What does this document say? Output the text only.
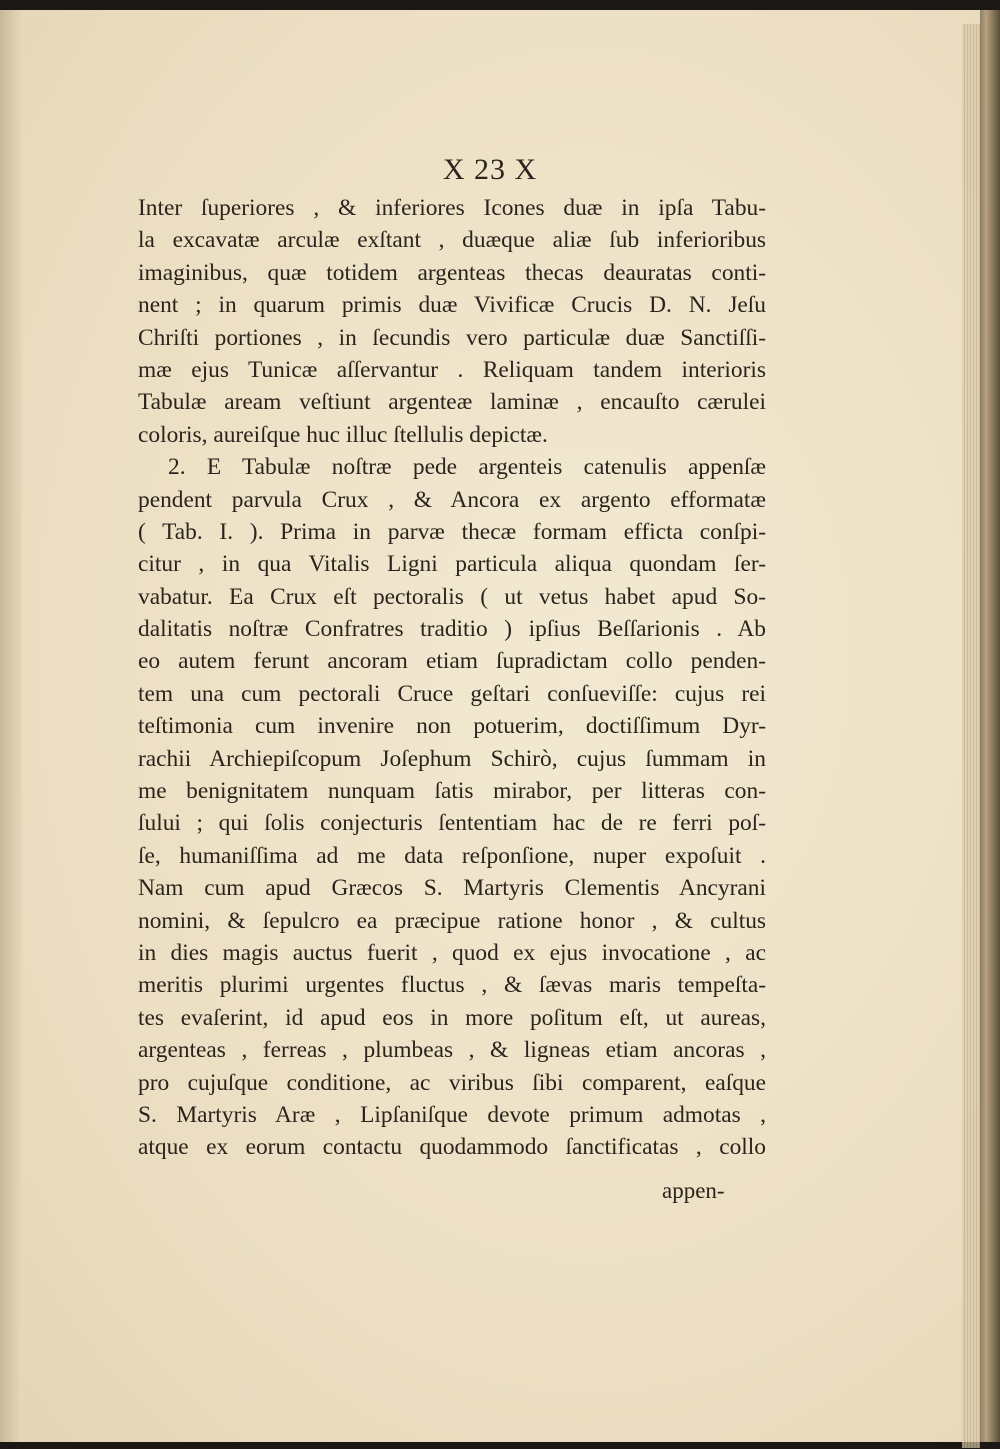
X 23 X
Inter ſuperiores , & inferiores Icones duæ in ipſa Tabu-
la excavatæ arculæ exſtant , duæque aliæ ſub inferioribus
imaginibus, quæ totidem argenteas thecas deauratas conti-
nent ; in quarum primis duæ Vivificæ Crucis D. N. Jeſu
Chriſti portiones , in ſecundis vero particulæ duæ Sanctiſſi-
mæ ejus Tunicæ aſſervantur . Reliquam tandem interioris
Tabulæ aream veſtiunt argenteæ laminæ , encauſto cærulei
coloris, aureiſque huc illuc ſtellulis depictæ.
2. E Tabulæ noſtræ pede argenteis catenulis appenſæ
pendent parvula Crux , & Ancora ex argento efformatæ
( Tab. I. ). Prima in parvæ thecæ formam efficta conſpi-
citur , in qua Vitalis Ligni particula aliqua quondam ſer-
vabatur. Ea Crux eſt pectoralis ( ut vetus habet apud So-
dalitatis noſtræ Confratres traditio ) ipſius Beſſarionis . Ab
eo autem ferunt ancoram etiam ſupradictam collo penden-
tem una cum pectorali Cruce geſtari conſueviſſe: cujus rei
teſtimonia cum invenire non potuerim, doctiſſimum Dyr-
rachii Archiepiſcopum Joſephum Schirò, cujus ſummam in
me benignitatem nunquam ſatis mirabor, per litteras con-
ſului ; qui ſolis conjecturis ſententiam hac de re ferri poſ-
ſe, humaniſſima ad me data reſponſione, nuper expoſuit .
Nam cum apud Græcos S. Martyris Clementis Ancyrani
nomini, & ſepulcro ea præcipue ratione honor , & cultus
in dies magis auctus fuerit , quod ex ejus invocatione , ac
meritis plurimi urgentes fluctus , & ſævas maris tempeſta-
tes evaſerint, id apud eos in more poſitum eſt, ut aureas,
argenteas , ferreas , plumbeas , & ligneas etiam ancoras ,
pro cujuſque conditione, ac viribus ſibi comparent, eaſque
S. Martyris Aræ , Lipſaniſque devote primum admotas ,
atque ex eorum contactu quodammodo ſanctificatas , collo
appen-
